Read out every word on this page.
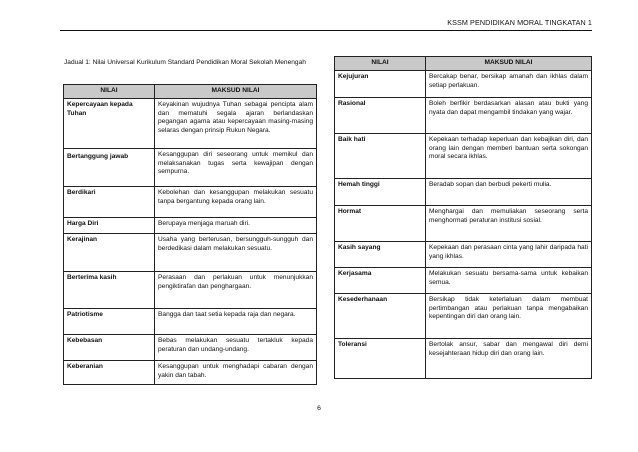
KSSM PENDIDIKAN MORAL TINGKATAN 1
Jadual 1: Nilai Universal Kurikulum Standard Pendidikan Moral Sekolah Menengah
NILAI	MAKSUD NILAI
Kepercayaan kepada Tuhan	Keyakinan wujudnya Tuhan sebagai pencipta alam dan mematuhi segala ajaran berlandaskan pegangan agama atau kepercayaan masing-masing selaras dengan prinsip Rukun Negara.
Bertanggung jawab	Kesanggupan diri seseorang untuk memikul dan melaksanakan tugas serta kewajipan dengan sempurna.
Berdikari	Kebolehan dan kesanggupan melakukan sesuatu tanpa bergantung kepada orang lain.
Harga Diri	Berupaya menjaga maruah diri.
Kerajinan	Usaha yang berterusan, bersungguh-sungguh dan berdedikasi dalam melakukan sesuatu.
Berterima kasih	Perasaan dan perlakuan untuk menunjukkan pengiktirafan dan penghargaan.
Patriotisme	Bangga dan taat setia kepada raja dan negara.
Kebebasan	Bebas melakukan sesuatu tertakluk kepada peraturan dan undang-undang.
Keberanian	Kesanggupan untuk menghadapi cabaran dengan yakin dan tabah.
NILAI	MAKSUD NILAI
Kejujuran	Bercakap benar, bersikap amanah dan ikhlas dalam setiap perlakuan.
Rasional	Boleh berfikir berdasarkan alasan atau bukti yang nyata dan dapat mengambil tindakan yang wajar.
Baik hati	Kepekaan terhadap keperluan dan kebajikan diri, dan orang lain dengan memberi bantuan serta sokongan moral secara ikhlas.
Hemah tinggi	Beradab sopan dan berbudi pekerti mulia.
Hormat	Menghargai dan memuliakan seseorang serta menghormati peraturan institusi sosial.
Kasih sayang	Kepekaan dan perasaan cinta yang lahir daripada hati yang ikhlas.
Kerjasama	Melakukan sesuatu bersama-sama untuk kebaikan semua.
Kesederhanaan	Bersikap tidak keterlaluan dalam membuat pertimbangan atau perlakuan tanpa mengabaikan kepentingan diri dan orang lain.
Toleransi	Bertolak ansur, sabar dan mengawal diri demi kesejahteraan hidup diri dan orang lain.
6
